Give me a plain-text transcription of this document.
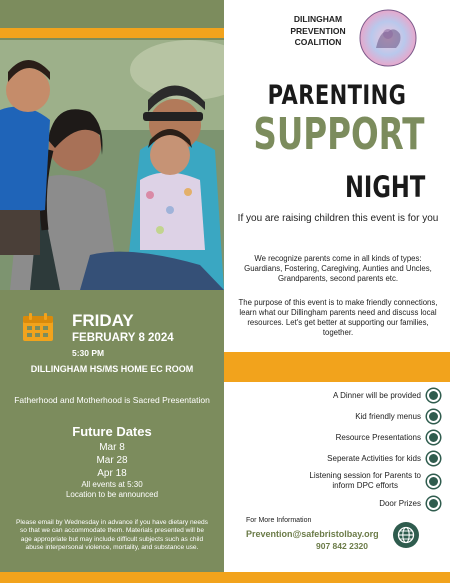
FRIDAY
FEBRUARY 8 2024
5:30 PM
DILLINGHAM HS/MS HOME EC ROOM
Fatherhood and Motherhood is Sacred Presentation
Future Dates
Mar 8
Mar 28
Apr 18
All events at 5:30
Location to be announced
Please email by Wednesday in advance if you have dietary needs so that we can accommodate them. Materials presented will be age appropriate but may include difficult subjects such as child abuse interpersonal violence, mortality, and substance use.
DILINGHAM
PREVENTION
COALITION
PARENTING
SUPPORT
NIGHT
If you are raising children this event is for you
We recognize parents come in all kinds of types: Guardians, Fostering, Caregiving, Aunties and Uncles, Grandparents, second parents etc.
The purpose of this event is to make friendly connections, learn what our Dillingham parents need and discuss local resources. Let's get better at supporting our families, together.
A Dinner will be provided
Kid friendly menus
Resource Presentations
Seperate Activities for kids
Listening session for Parents to
inform DPC efforts
Door Prizes
For More Information
Prevention@safebristolbay.org
907 842 2320
